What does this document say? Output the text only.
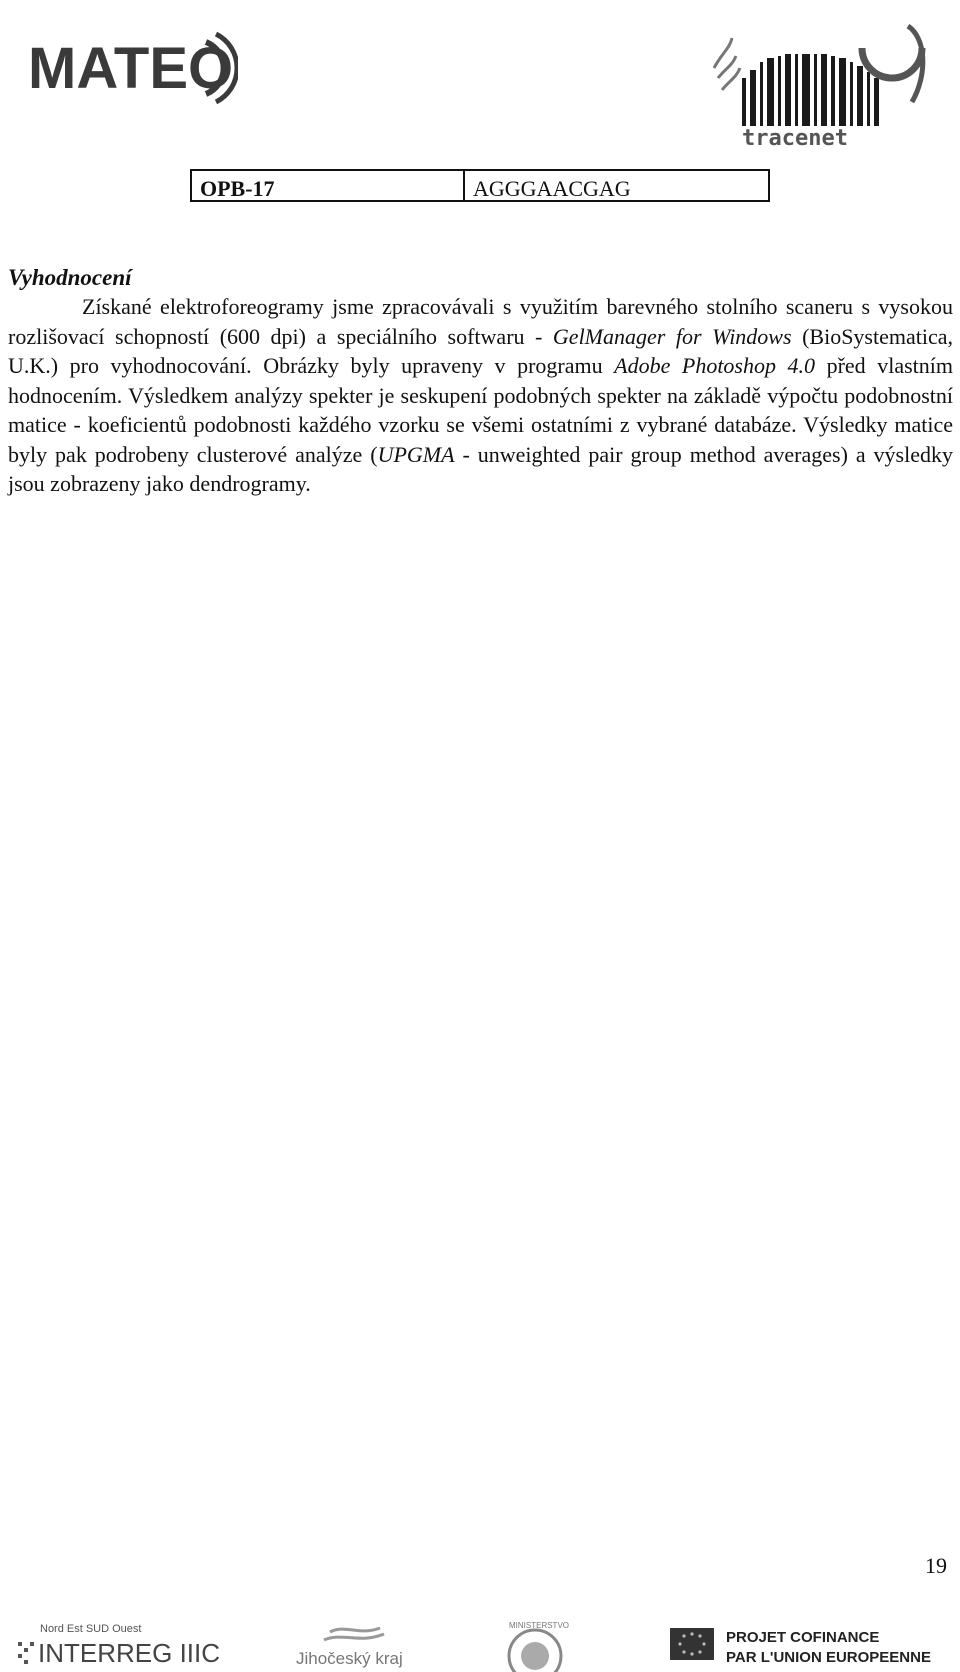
MATEO
tracenet
OPB-17	AGGGAACGAG
Vyhodnocení
Získané elektroforeogramy jsme zpracovávali s využitím barevného stolního scaneru s vysokou rozlišovací schopností (600 dpi) a speciálního softwaru - GelManager for Windows (BioSystematica, U.K.) pro vyhodnocování. Obrázky byly upraveny v programu Adobe Photoshop 4.0 před vlastním hodnocením. Výsledkem analýzy spekter je seskupení podobných spekter na základě výpočtu podobnostní matice - koeficientů podobnosti každého vzorku se všemi ostatními z vybrané databáze. Výsledky matice byly pak podrobeny clusterové analýze (UPGMA - unweighted pair group method averages) a výsledky jsou zobrazeny jako dendrogramy.
19
Nord Est SUD Ouest
INTERREG IIIC	Jihočeský kraj
MINISTERSTVO
PROJET COFINANCE
PAR L'UNION EUROPEENNE
